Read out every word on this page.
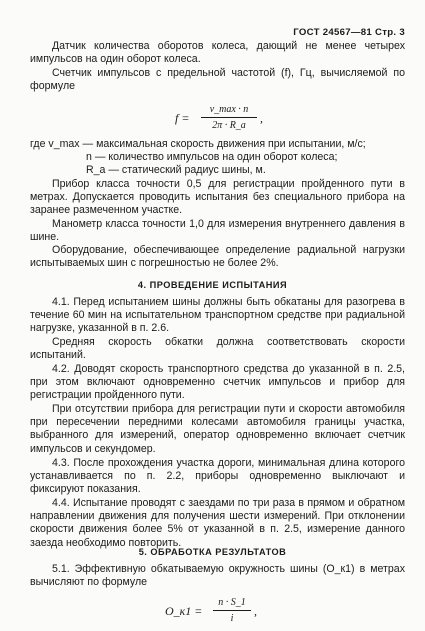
ГОСТ 24567—81 Стр. 3

Датчик количества оборотов колеса, дающий не менее четырех импульсов на один оборот колеса.

Счетчик импульсов с предельной частотой (f), Гц, вычисляемой по формуле

f =
v_max · n
2π · R_a
,

где v_max — максимальная скорость движения при испытании, м/с;

n — количество импульсов на один оборот колеса;

R_a — статический радиус шины, м.

Прибор класса точности 0,5 для регистрации пройденного пути в метрах. Допускается проводить испытания без специального прибора на заранее размеченном участке.

Манометр класса точности 1,0 для измерения внутреннего давления в шине.

Оборудование, обеспечивающее определение радиальной нагрузки испытываемых шин с погрешностью не более 2%.

4. ПРОВЕДЕНИЕ ИСПЫТАНИЯ

4.1. Перед испытанием шины должны быть обкатаны для разогрева в течение 60 мин на испытательном транспортном средстве при радиальной нагрузке, указанной в п. 2.6.

Средняя скорость обкатки должна соответствовать скорости испытаний.

4.2. Доводят скорость транспортного средства до указанной в п. 2.5, при этом включают одновременно счетчик импульсов и прибор для регистрации пройденного пути.

При отсутствии прибора для регистрации пути и скорости автомобиля при пересечении передними колесами автомобиля границы участка, выбранного для измерений, оператор одновременно включает счетчик импульсов и секундомер.

4.3. После прохождения участка дороги, минимальная длина которого устанавливается по п. 2.2, приборы одновременно выключают и фиксируют показания.

4.4. Испытание проводят с заездами по три раза в прямом и обратном направлении движения для получения шести измерений. При отклонении скорости движения более 5% от указанной в п. 2.5, измерение данного заезда необходимо повторить.

5. ОБРАБОТКА РЕЗУЛЬТАТОВ

5.1. Эффективную обкатываемую окружность шины (O_к1) в метрах вычисляют по формуле

O_к1 =
n · S_1
i
,
